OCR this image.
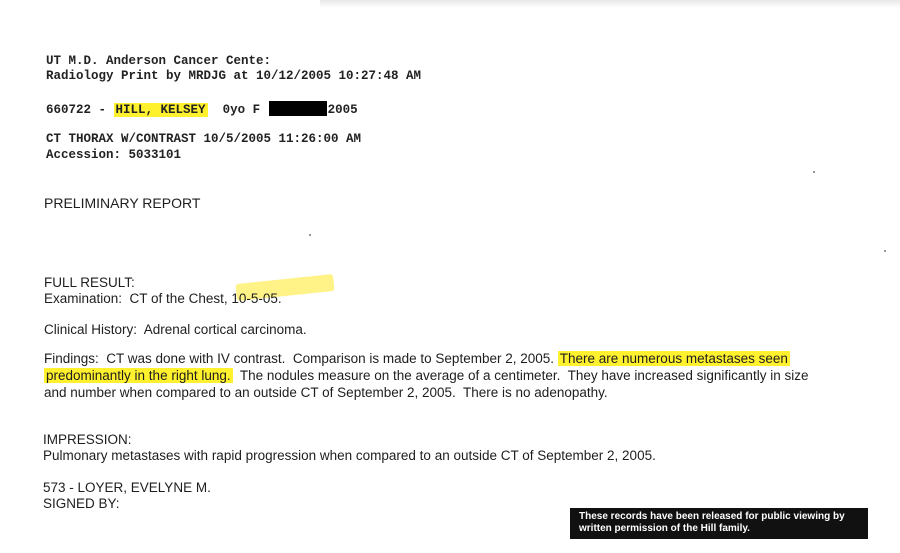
UT M.D. Anderson Cancer Cente:
Radiology Print by MRDJG at 10/12/2005 10:27:48 AM
660722 - HILL, KELSEY 0yo F	2005
CT THORAX W/CONTRAST 10/5/2005 11:26:00 AM
Accession: 5033101
PRELIMINARY REPORT
FULL RESULT:
Examination:  CT of the Chest, 10-5-05.
Clinical History:  Adrenal cortical carcinoma.
Findings:  CT was done with IV contrast.  Comparison is made to September 2, 2005. There are numerous metastases seen
predominantly in the right lung.  The nodules measure on the average of a centimeter.  They have increased significantly in size
and number when compared to an outside CT of September 2, 2005.  There is no adenopathy.
IMPRESSION:
Pulmonary metastases with rapid progression when compared to an outside CT of September 2, 2005.
573 - LOYER, EVELYNE M.
SIGNED BY:
These records have been released for public viewing by
written permission of the Hill family.
